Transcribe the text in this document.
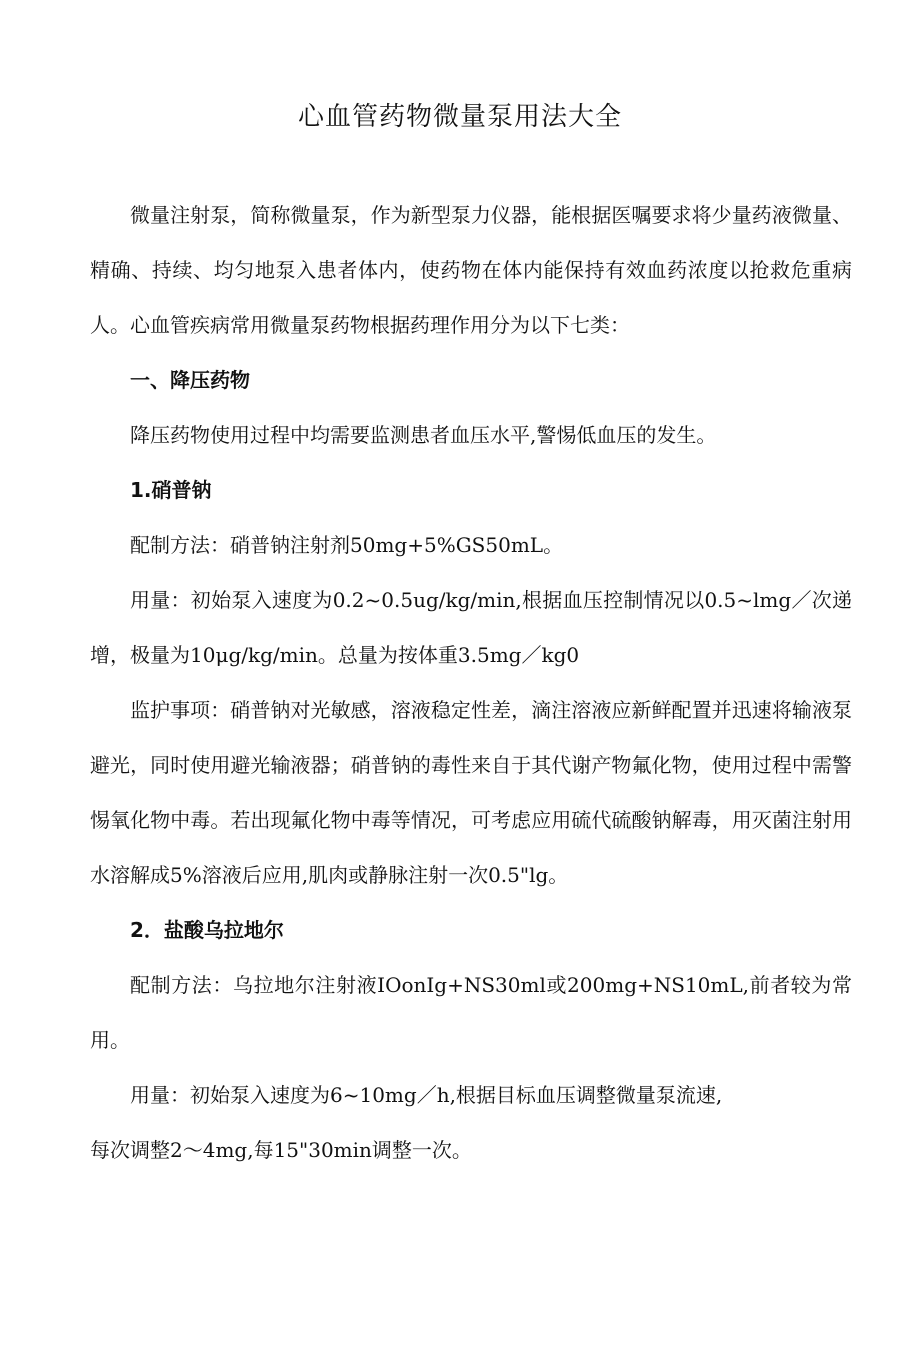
心血管药物微量泵用法大全

微量注射泵，简称微量泵，作为新型泵力仪器，能根据医嘱要求将少量药液微量、精确、持续、均匀地泵入患者体内，使药物在体内能保持有效血药浓度以抢救危重病人。心血管疾病常用微量泵药物根据药理作用分为以下七类：

一、降压药物

降压药物使用过程中均需要监测患者血压水平,警惕低血压的发生。

1.硝普钠

配制方法：硝普钠注射剂50mg+5%GS50mL。

用量：初始泵入速度为0.2~0.5ug/kg/min,根据血压控制情况以0.5~lmg／次递增，极量为10μg/kg/min。总量为按体重3.5mg／kg0

监护事项：硝普钠对光敏感，溶液稳定性差，滴注溶液应新鲜配置并迅速将输液泵避光，同时使用避光输液器；硝普钠的毒性来自于其代谢产物氟化物，使用过程中需警惕氧化物中毒。若出现氟化物中毒等情况，可考虑应用硫代硫酸钠解毒，用灭菌注射用水溶解成5%溶液后应用,肌肉或静脉注射一次0.5"lg。

2．盐酸乌拉地尔

配制方法：乌拉地尔注射液IOonIg+NS30ml或200mg+NS10mL,前者较为常用。

用量：初始泵入速度为6~10mg／h,根据目标血压调整微量泵流速,

每次调整2～4mg,每15"30min调整一次。
